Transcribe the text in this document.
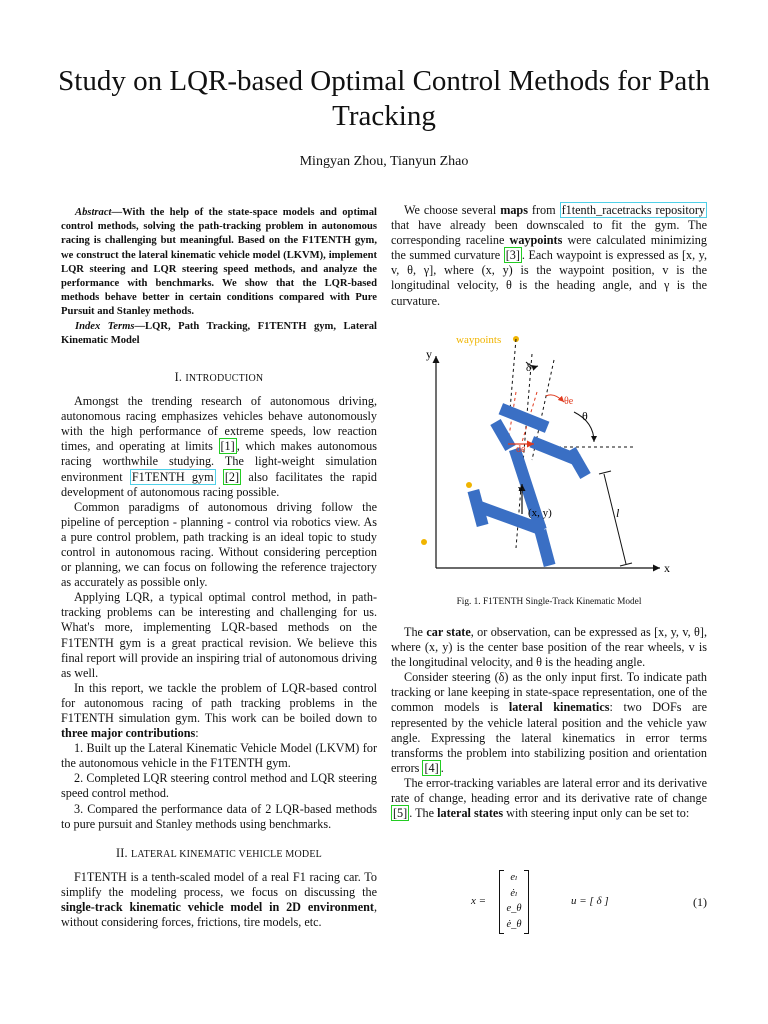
Study on LQR-based Optimal Control Methods for Path Tracking
Mingyan Zhou, Tianyun Zhao

Abstract—With the help of the state-space models and optimal control methods, solving the path-tracking problem in autonomous racing is challenging but meaningful. Based on the F1TENTH gym, we construct the lateral kinematic vehicle model (LKVM), implement LQR steering and LQR steering speed methods, and analyze the performance with benchmarks. We show that the LQR-based methods behave better in certain conditions compared with Pure Pursuit and Stanley methods.

Index Terms—LQR, Path Tracking, F1TENTH gym, Lateral Kinematic Model

I. INTRODUCTION

Amongst the trending research of autonomous driving, autonomous racing emphasizes vehicles behave autonomously with the high performance of extreme speeds, low reaction times, and operating at limits [1] , which makes autonomous racing worthwhile studying. The light-weight simulation environment F1TENTH gym [2] also facilitates the rapid development of autonomous racing possible.

Common paradigms of autonomous driving follow the pipeline of perception - planning - control via robotics view. As a pure control problem, path tracking is an ideal topic to study control in autonomous racing. Without considering perception or planning, we can focus on following the reference trajectory as accurately as possible only.

Applying LQR, a typical optimal control method, in path-tracking problems can be interesting and challenging for us. What's more, implementing LQR-based methods on the F1TENTH gym is a great practical revision. We believe this final report will provide an inspiring trial of autonomous driving as well.

In this report, we tackle the problem of LQR-based control for autonomous racing of path tracking problems in the F1TENTH simulation gym. This work can be boiled down to three major contributions:

1. Built up the Lateral Kinematic Vehicle Model (LKVM) for the autonomous vehicle in the F1TENTH gym.

2. Completed LQR steering control method and LQR steering speed control method.

3. Compared the performance data of 2 LQR-based methods to pure pursuit and Stanley methods using benchmarks.

II. LATERAL KINEMATIC VEHICLE MODEL

F1TENTH is a tenth-scaled model of a real F1 racing car. To simplify the modeling process, we focus on discussing the single-track kinematic vehicle model in 2D environment, without considering forces, frictions, tire models, etc.

We choose several maps from f1tenth_racetracks repository that have already been downscaled to fit the gym. The corresponding raceline waypoints were calculated minimizing the summed curvature [3] . Each waypoint is expressed as [x, y, v, θ, γ], where (x, y) is the waypoint position, v is the longitudinal velocity, θ is the heading angle, and γ is the curvature.

y
x
waypoints
δ
θe
θ
de
v
(x, y)	l
Fig. 1. F1TENTH Single-Track Kinematic Model

The car state, or observation, can be expressed as [x, y, v, θ], where (x, y) is the center base position of the rear wheels, v is the longitudinal velocity, and θ is the heading angle.

Consider steering (δ) as the only input first. To indicate path tracking or lane keeping in state-space representation, one of the common models is lateral kinematics: two DOFs are represented by the vehicle lateral position and the vehicle yaw angle. Expressing the lateral kinematics in error terms transforms the problem into stabilizing position and orientation errors [4] .

The error-tracking variables are lateral error and its derivative rate of change, heading error and its derivative rate of change [5] . The lateral states with steering input only can be set to:

x =
eₗ
ėₗ
e_θ
ė_θ
u = [ δ ]	(1)
